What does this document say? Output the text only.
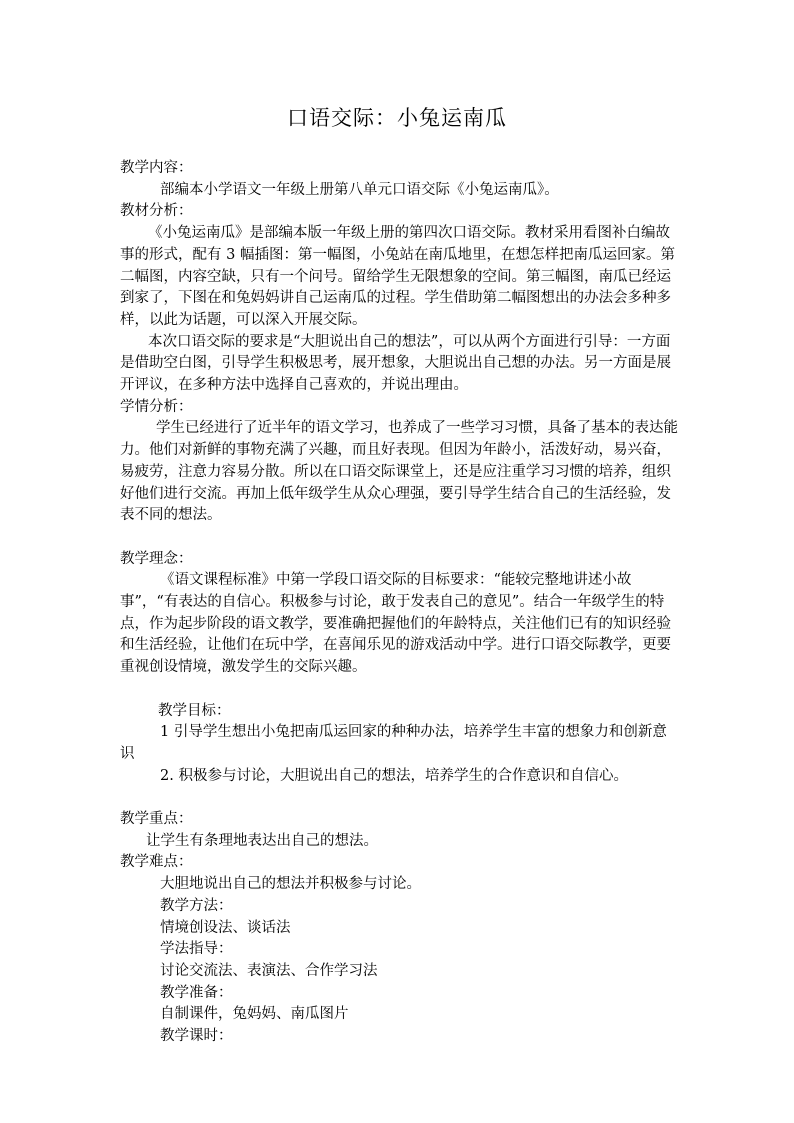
口语交际：小兔运南瓜

教学内容：

部编本小学语文一年级上册第八单元口语交际《小兔运南瓜》。

教材分析：

《小兔运南瓜》是部编本版一年级上册的第四次口语交际。教材采用看图补白编故事的形式，配有 3 幅插图：第一幅图，小兔站在南瓜地里，在想怎样把南瓜运回家。第二幅图，内容空缺，只有一个问号。留给学生无限想象的空间。第三幅图，南瓜已经运到家了，下图在和兔妈妈讲自己运南瓜的过程。学生借助第二幅图想出的办法会多种多样，以此为话题，可以深入开展交际。

本次口语交际的要求是“大胆说出自己的想法”，可以从两个方面进行引导：一方面是借助空白图，引导学生积极思考，展开想象，大胆说出自己想的办法。另一方面是展开评议，在多种方法中选择自己喜欢的，并说出理由。

学情分析：

学生已经进行了近半年的语文学习，也养成了一些学习习惯，具备了基本的表达能力。他们对新鲜的事物充满了兴趣，而且好表现。但因为年龄小，活泼好动，易兴奋，易疲劳，注意力容易分散。所以在口语交际课堂上，还是应注重学习习惯的培养，组织好他们进行交流。再加上低年级学生从众心理强，要引导学生结合自己的生活经验，发表不同的想法。

教学理念：

《语文课程标准》中第一学段口语交际的目标要求：“能较完整地讲述小故事”，“有表达的自信心。积极参与讨论，敢于发表自己的意见”。结合一年级学生的特点，作为起步阶段的语文教学，要准确把握他们的年龄特点，关注他们已有的知识经验和生活经验，让他们在玩中学，在喜闻乐见的游戏活动中学。进行口语交际教学，更要重视创设情境，激发学生的交际兴趣。

教学目标：

1 引导学生想出小兔把南瓜运回家的种种办法，培养学生丰富的想象力和创新意识

2. 积极参与讨论，大胆说出自己的想法，培养学生的合作意识和自信心。

教学重点：

让学生有条理地表达出自己的想法。

教学难点：

大胆地说出自己的想法并积极参与讨论。

教学方法：

情境创设法、谈话法

学法指导：

讨论交流法、表演法、合作学习法

教学准备：

自制课件，兔妈妈、南瓜图片

教学课时：
